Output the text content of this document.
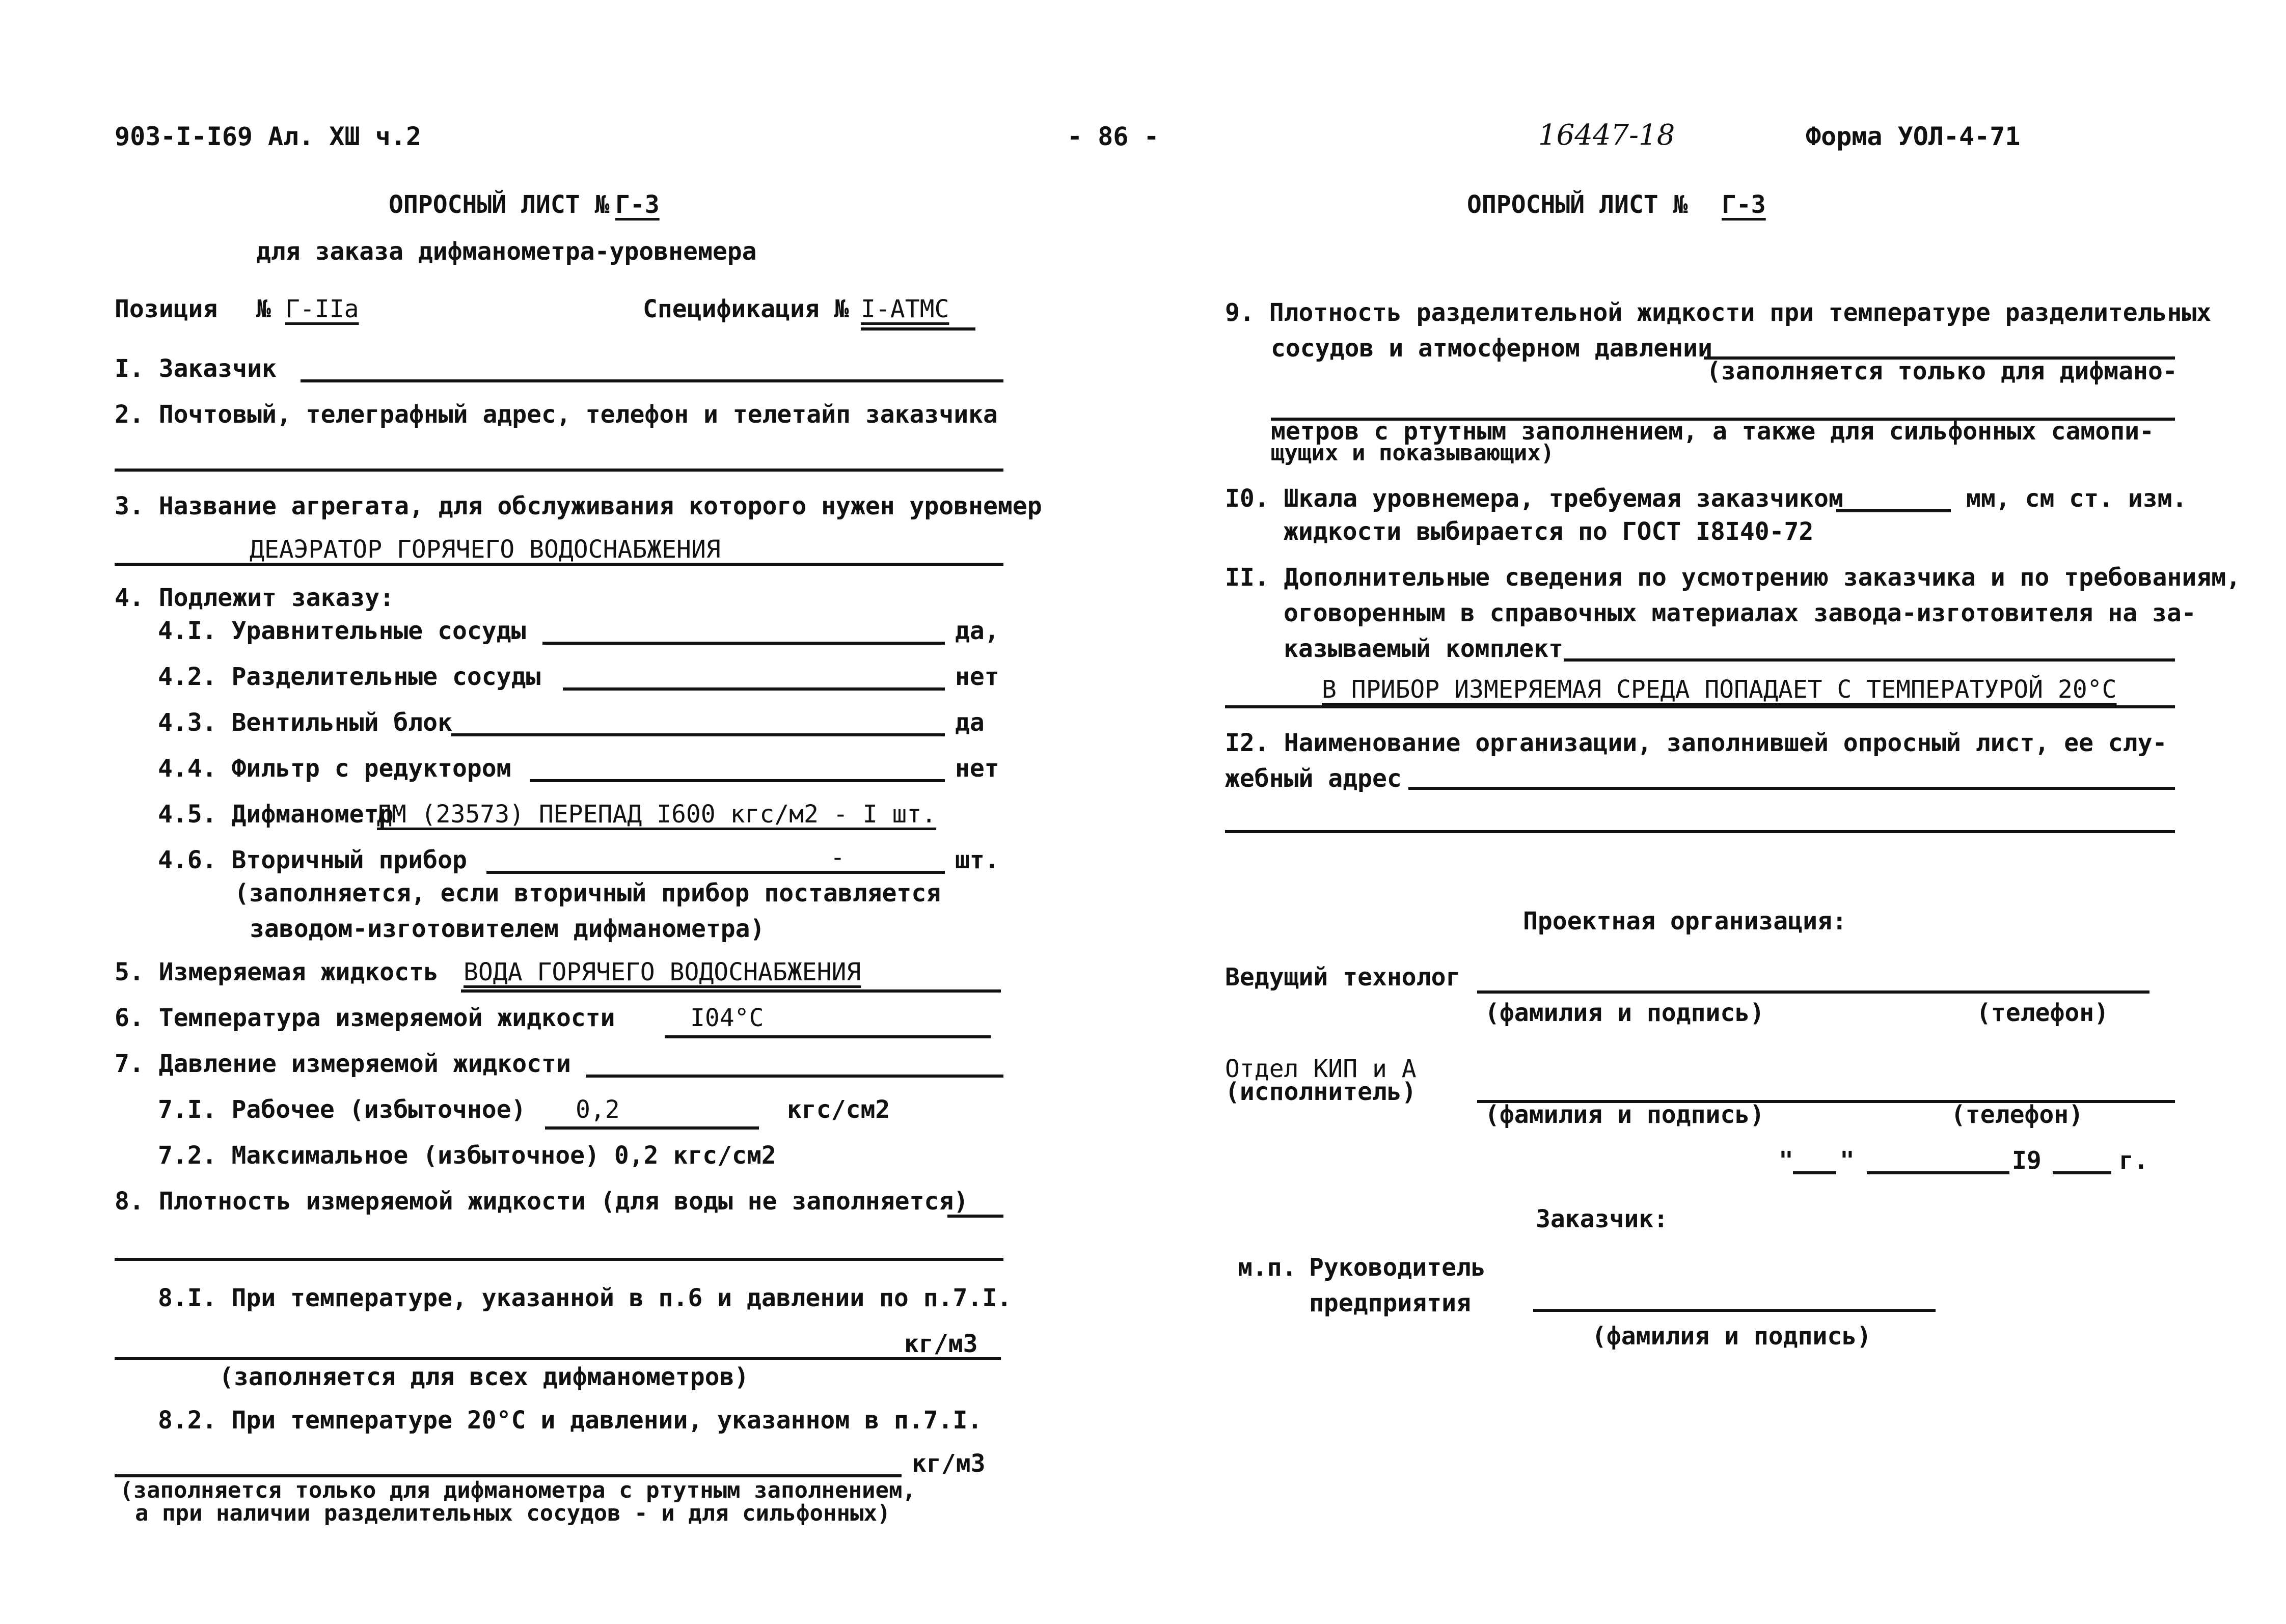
903-I-I69 Ал. XШ ч.2	- 86 -	16447-18	Форма УОЛ-4-71
ОПРОСНЫЙ ЛИСТ № Г-3
для заказа дифманометра-уровнемера
Позиция № Г-IIа	Спецификация № I-АТМС
I. Заказчик
2. Почтовый, телеграфный адрес, телефон и телетайп заказчика
3. Название агрегата, для обслуживания которого нужен уровнемер
ДЕАЭРАТОР ГОРЯЧЕГО ВОДОСНАБЖЕНИЯ
4. Подлежит заказу:
4.I. Уравнительные сосуды	да,
4.2. Разделительные сосуды	нет
4.3. Вентильный блок	да
4.4. Фильтр с редуктором	нет
4.5. Дифманометр
ДМ (23573) ПЕРЕПАД I600 кгс/м2 - I шт.
4.6. Вторичный прибор	-	шт.
(заполняется, если вторичный прибор поставляется
заводом-изготовителем дифманометра)
5. Измеряемая жидкость ВОДА ГОРЯЧЕГО ВОДОСНАБЖЕНИЯ
6. Температура измеряемой жидкости	I04°С
7. Давление измеряемой жидкости
7.I. Рабочее (избыточное) 0,2	кгс/см2
7.2. Максимальное (избыточное) 0,2 кгс/см2
8. Плотность измеряемой жидкости (для воды не заполняется)
8.I. При температуре, указанной в п.6 и давлении по п.7.I.
кг/м3
(заполняется для всех дифманометров)
8.2. При температуре 20°С и давлении, указанном в п.7.I.
кг/м3
(заполняется только для дифманометра с ртутным заполнением,
а при наличии разделительных сосудов - и для сильфонных)
ОПРОСНЫЙ ЛИСТ № Г-3
9. Плотность разделительной жидкости при температуре разделительных
сосудов и атмосферном давлении
(заполняется только для дифмано-
метров с ртутным заполнением, а также для сильфонных самопи-
щущих и показывающих)
I0. Шкала уровнемера, требуемая заказчиком	мм, см ст. изм.
жидкости выбирается по ГОСТ I8I40-72
II. Дополнительные сведения по усмотрению заказчика и по требованиям,
оговоренным в справочных материалах завода-изготовителя на за-
казываемый комплект
В ПРИБОР ИЗМЕРЯЕМАЯ СРЕДА ПОПАДАЕТ С ТЕМПЕРАТУРОЙ 20°С
I2. Наименование организации, заполнившей опросный лист, ее слу-
жебный адрес
Проектная организация:
Ведущий технолог
(фамилия и подпись)	(телефон)
Отдел КИП и А
(исполнитель)
(фамилия и подпись)	(телефон)
" "	I9	г.
Заказчик:
м.п. Руководитель
предприятия
(фамилия и подпись)
